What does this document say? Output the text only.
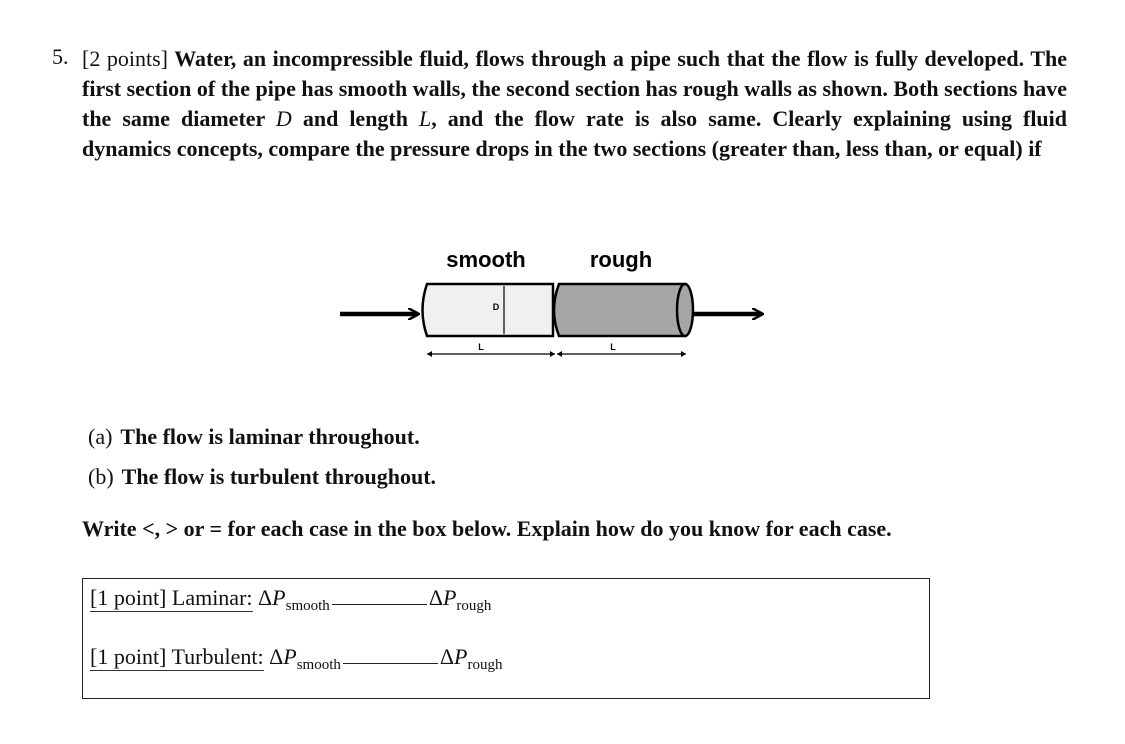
5. [2 points] Water, an incompressible fluid, flows through a pipe such that the flow is fully developed. The first section of the pipe has smooth walls, the second section has rough walls as shown. Both sections have the same diameter D and length L, and the flow rate is also same. Clearly explaining using fluid dynamics concepts, compare the pressure drops in the two sections (greater than, less than, or equal) if
smooth	rough
D
L	L
(a) The flow is laminar throughout.
(b) The flow is turbulent throughout.
Write <, > or = for each case in the box below. Explain how do you know for each case.
[1 point] Laminar: $\Delta P_{smooth}$	$\Delta P_{rough}$
[1 point] Turbulent: $\Delta P_{smooth}$	$\Delta P_{rough}$
